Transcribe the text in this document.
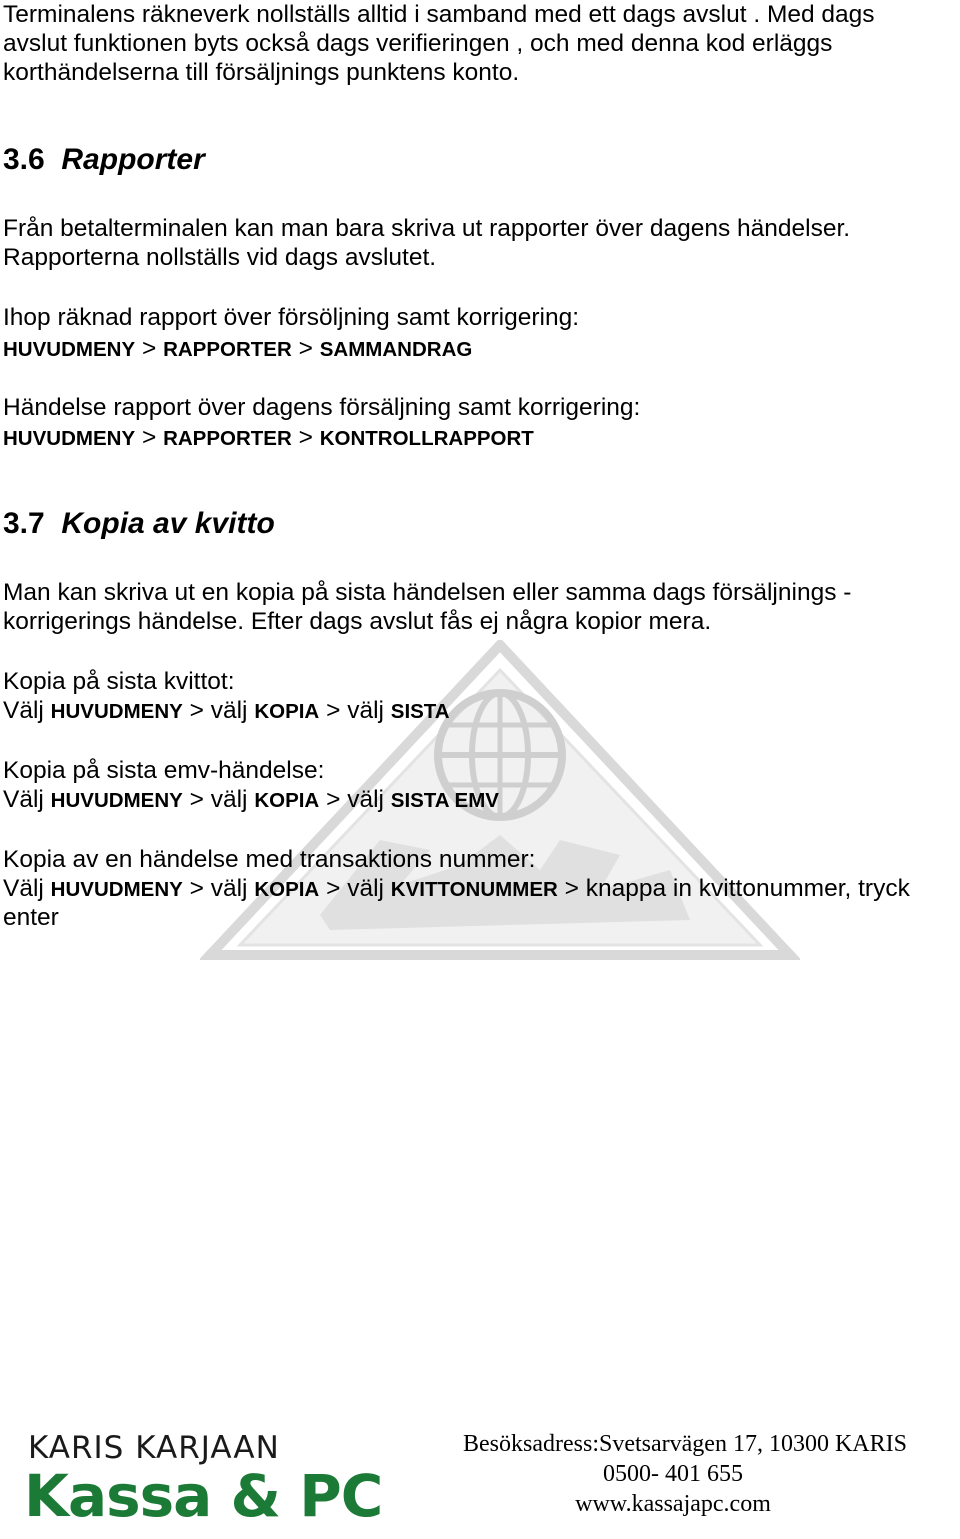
Terminalens räkneverk nollställs alltid i samband med ett dags avslut . Med dags
avslut funktionen byts också dags verifieringen , och med denna kod erläggs
korthändelserna till försäljnings punktens konto.
3.6 Rapporter
Från betalterminalen kan man bara skriva ut rapporter över dagens händelser.
Rapporterna nollställs vid dags avslutet.
Ihop räknad rapport över försöljning samt korrigering:
HUVUDMENY > RAPPORTER > SAMMANDRAG
Händelse rapport över dagens försäljning samt korrigering:
HUVUDMENY > RAPPORTER > KONTROLLRAPPORT
3.7 Kopia av kvitto
Man kan skriva ut en kopia på sista händelsen eller samma dags försäljnings -
korrigerings händelse. Efter dags avslut fås ej några kopior mera.
Kopia på sista kvittot:
Välj HUVUDMENY > välj KOPIA > välj SISTA
Kopia på sista emv-händelse:
Välj HUVUDMENY > välj KOPIA > välj SISTA EMV
Kopia av en händelse med transaktions nummer:
Välj HUVUDMENY > välj KOPIA > välj KVITTONUMMER > knappa in kvittonummer, tryck
enter
KARIS KARJAAN
Kassa & PC
Besöksadress:Svetsarvägen 17, 10300 KARIS
0500- 401 655
www.kassajapc.com
